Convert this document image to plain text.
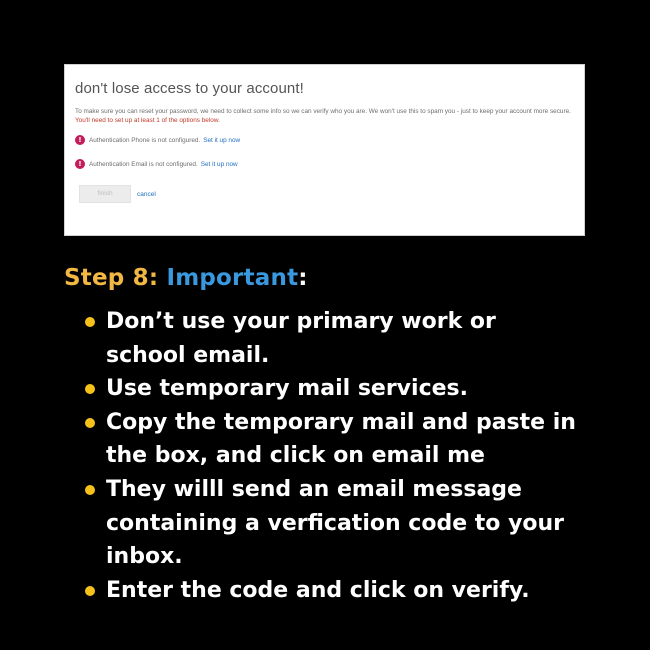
don't lose access to your account!
To make sure you can reset your password, we need to collect some info so we can verify who you are. We won't use this to spam you - just to keep your account more secure. You'll need to set up at least 1 of the options below.
!	Authentication Phone is not configured. Set it up now
!	Authentication Email is not configured. Set it up now
finish	cancel
Step 8: Important:
Don’t use your primary work or school email.
Use temporary mail services.
Copy the temporary mail and paste in the box, and click on email me
They willl send an email message containing a verfication code to your inbox.
Enter the code and click on verify.
